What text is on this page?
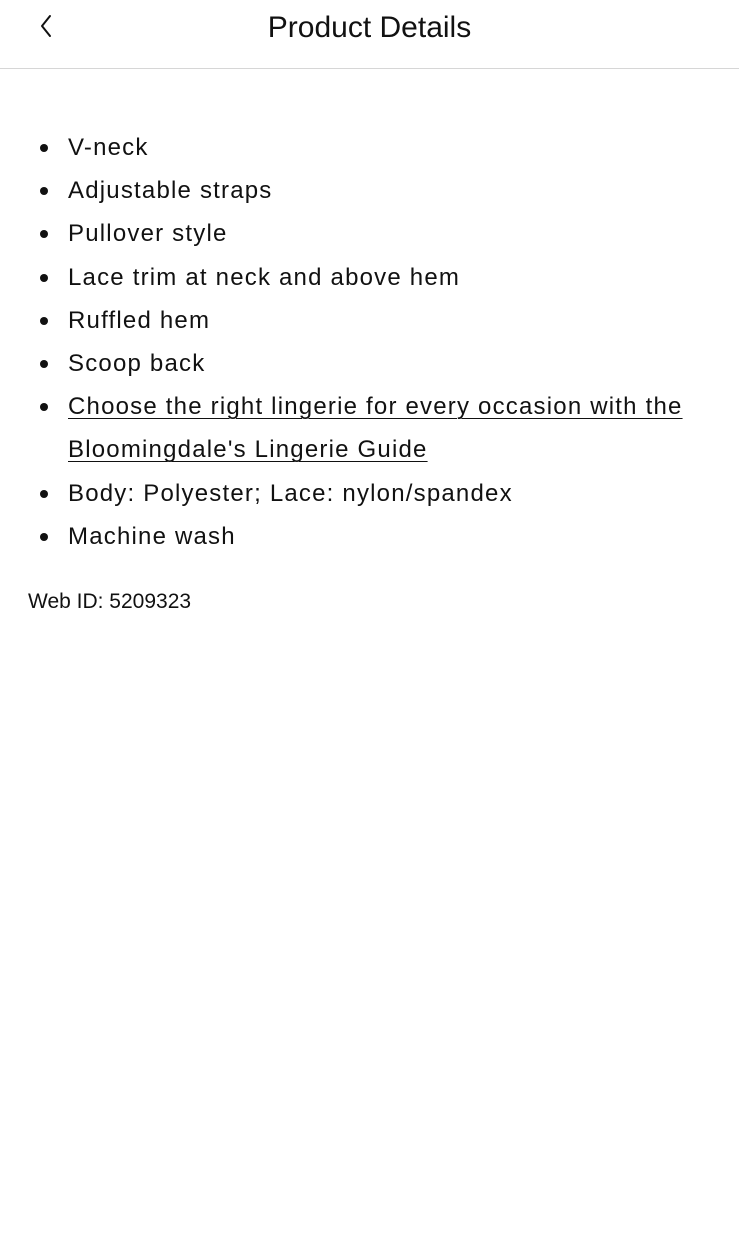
Product Details
V-neck
Adjustable straps
Pullover style
Lace trim at neck and above hem
Ruffled hem
Scoop back
Choose the right lingerie for every occasion with the Bloomingdale's Lingerie Guide
Body: Polyester; Lace: nylon/spandex
Machine wash
Web ID: 5209323
